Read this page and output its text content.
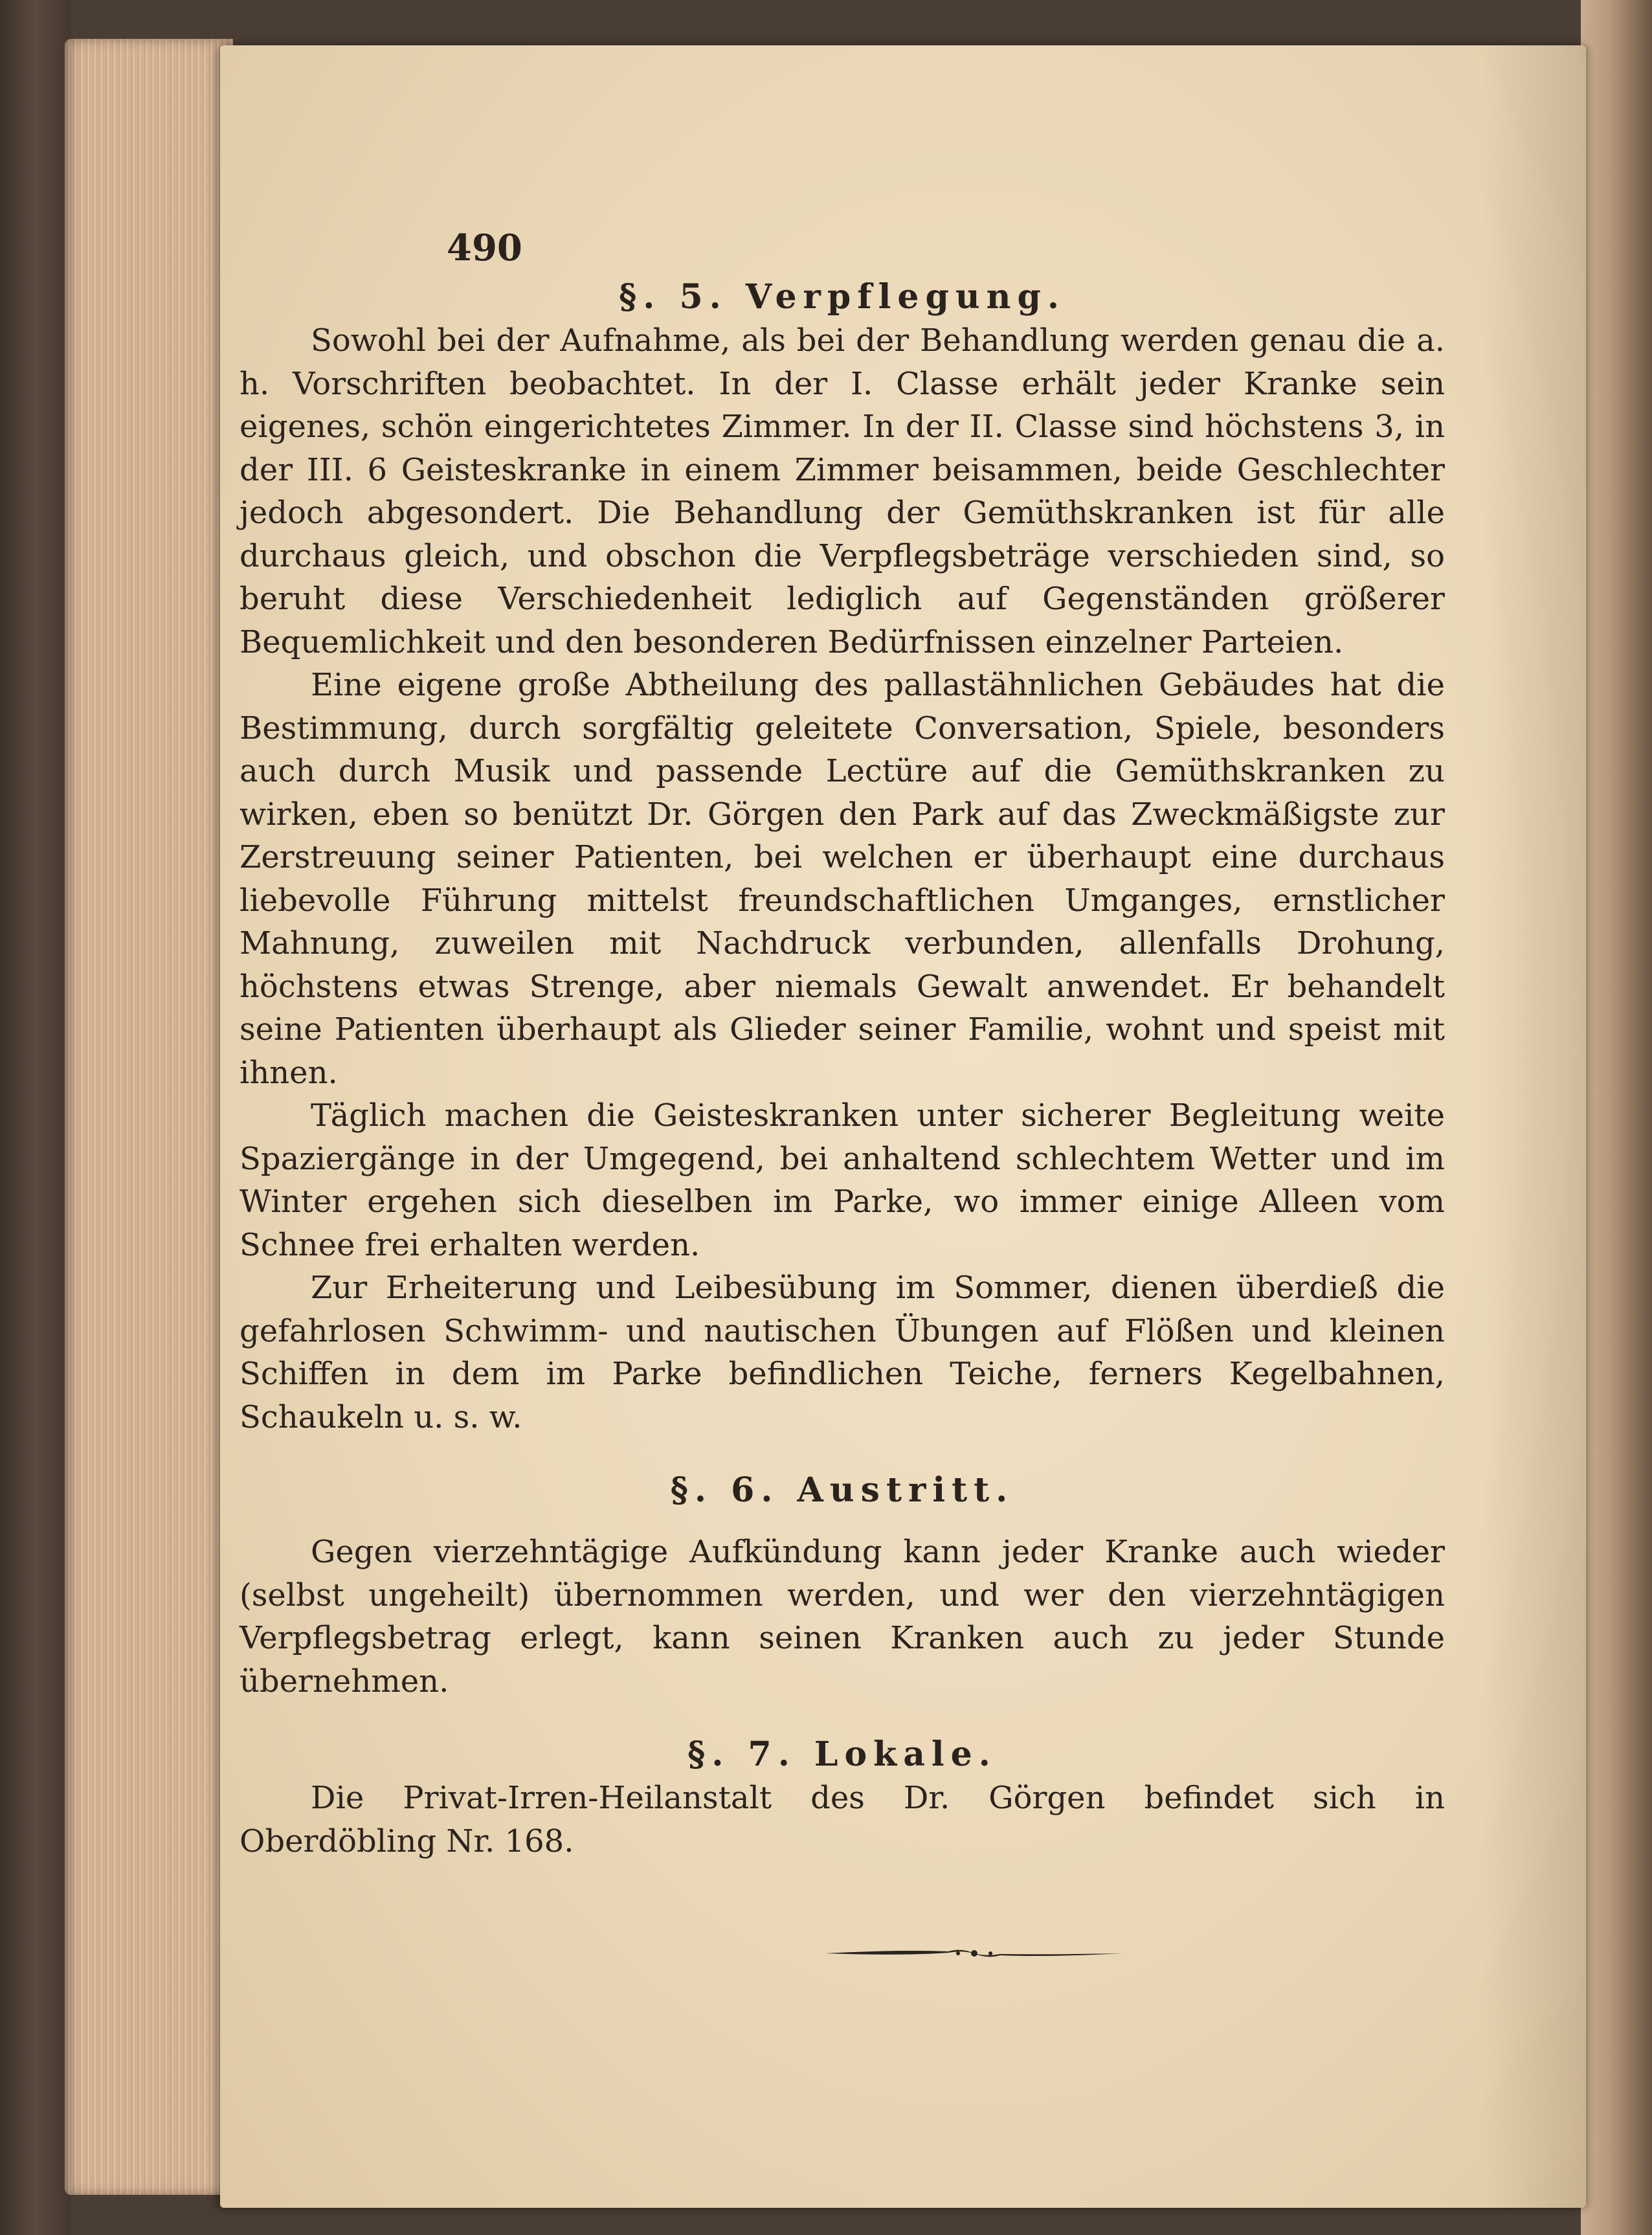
490
§. 5. Verpflegung.

Sowohl bei der Aufnahme, als bei der Behandlung werden genau die a. h. Vorschriften beobachtet. In der I. Classe erhält jeder Kranke sein eigenes, schön eingerichtetes Zimmer. In der II. Classe sind höchstens 3, in der III. 6 Geisteskranke in einem Zimmer beisammen, beide Geschlechter jedoch abgesondert. Die Behandlung der Gemüthskranken ist für alle durchaus gleich, und obschon die Verpflegsbeträge verschieden sind, so beruht diese Verschiedenheit lediglich auf Gegenständen größerer Bequemlichkeit und den besonderen Bedürfnissen einzelner Parteien.

Eine eigene große Abtheilung des pallastähnlichen Gebäudes hat die Bestimmung, durch sorgfältig geleitete Conversation, Spiele, besonders auch durch Musik und passende Lectüre auf die Gemüthskranken zu wirken, eben so benützt Dr. Görgen den Park auf das Zweckmäßigste zur Zerstreuung seiner Patienten, bei welchen er überhaupt eine durchaus liebevolle Führung mittelst freundschaftlichen Umganges, ernstlicher Mahnung, zuweilen mit Nachdruck verbunden, allenfalls Drohung, höchstens etwas Strenge, aber niemals Gewalt anwendet. Er behandelt seine Patienten überhaupt als Glieder seiner Familie, wohnt und speist mit ihnen.

Täglich machen die Geisteskranken unter sicherer Begleitung weite Spaziergänge in der Umgegend, bei anhaltend schlechtem Wetter und im Winter ergehen sich dieselben im Parke, wo immer einige Alleen vom Schnee frei erhalten werden.

Zur Erheiterung und Leibesübung im Sommer, dienen überdieß die gefahrlosen Schwimm- und nautischen Übungen auf Flößen und kleinen Schiffen in dem im Parke befindlichen Teiche, ferners Kegelbahnen, Schaukeln u. s. w.

§. 6. Austritt.

Gegen vierzehntägige Aufkündung kann jeder Kranke auch wieder (selbst ungeheilt) übernommen werden, und wer den vierzehntägigen Verpflegsbetrag erlegt, kann seinen Kranken auch zu jeder Stunde übernehmen.

§. 7. Lokale.

Die Privat-Irren-Heilanstalt des Dr. Görgen befindet sich in Oberdöbling Nr. 168.
